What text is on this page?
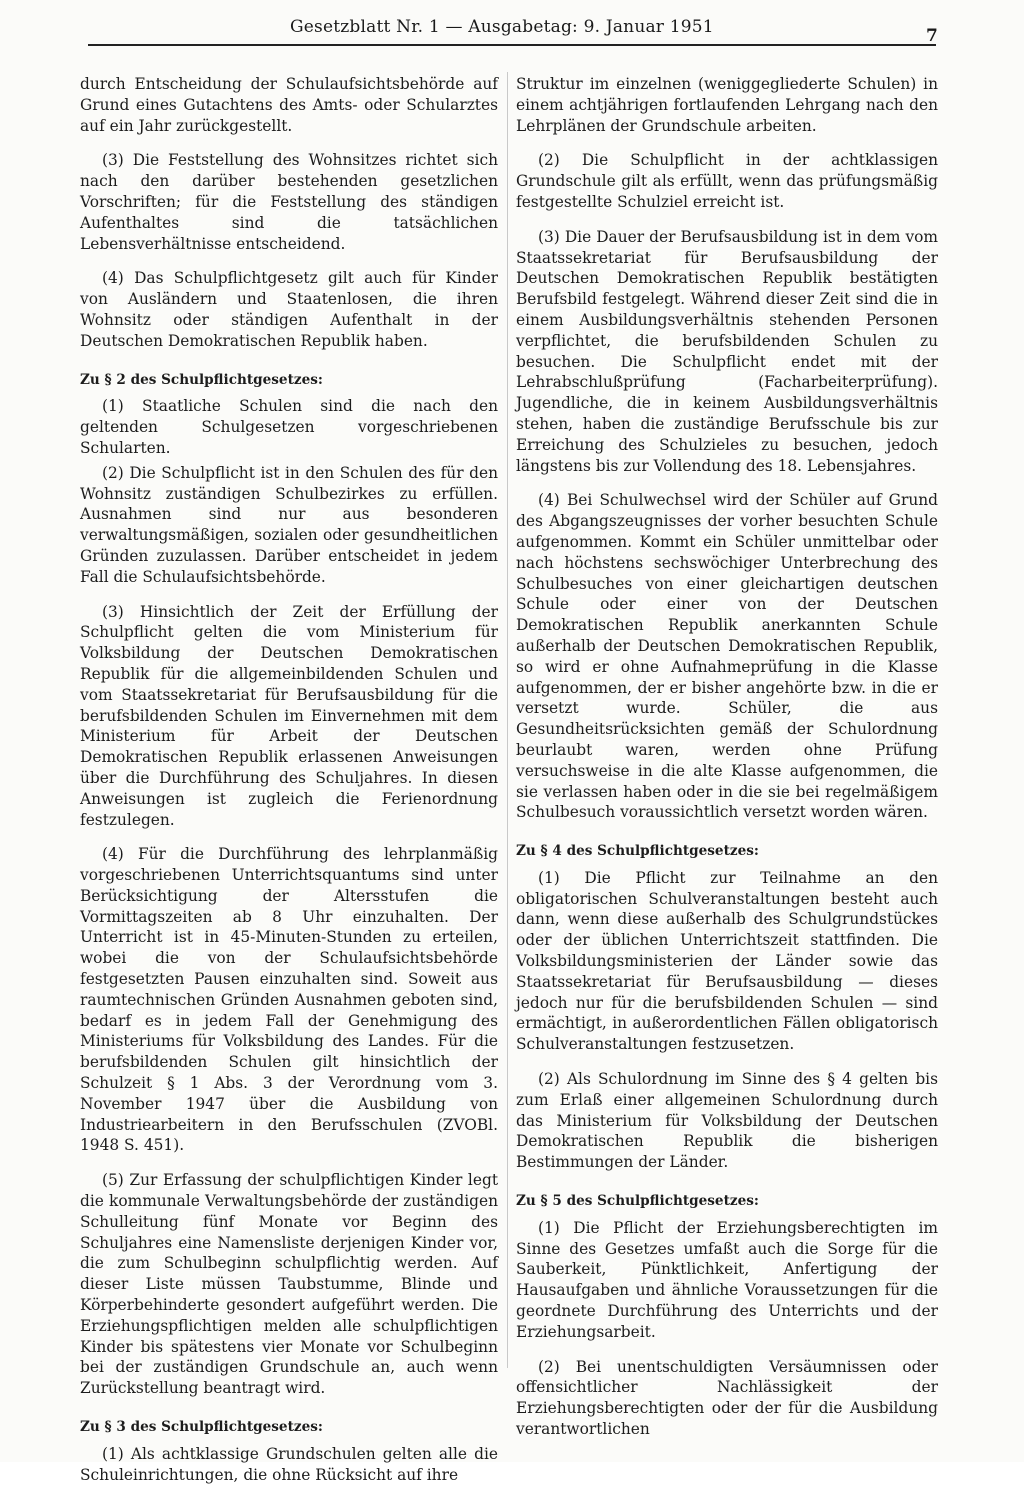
Gesetzblatt Nr. 1 — Ausgabetag: 9. Januar 1951	7

durch Entscheidung der Schulaufsichtsbehörde auf Grund eines Gutachtens des Amts- oder Schularztes auf ein Jahr zurückgestellt.

(3) Die Feststellung des Wohnsitzes richtet sich nach den darüber bestehenden gesetzlichen Vorschriften; für die Feststellung des ständigen Aufenthaltes sind die tatsächlichen Lebensverhältnisse entscheidend.

(4) Das Schulpflichtgesetz gilt auch für Kinder von Ausländern und Staatenlosen, die ihren Wohnsitz oder ständigen Aufenthalt in der Deutschen Demokratischen Republik haben.

Zu § 2 des Schulpflichtgesetzes:

(1) Staatliche Schulen sind die nach den geltenden Schulgesetzen vorgeschriebenen Schularten.

(2) Die Schulpflicht ist in den Schulen des für den Wohnsitz zuständigen Schulbezirkes zu erfüllen. Ausnahmen sind nur aus besonderen verwaltungsmäßigen, sozialen oder gesundheitlichen Gründen zuzulassen. Darüber entscheidet in jedem Fall die Schulaufsichtsbehörde.

(3) Hinsichtlich der Zeit der Erfüllung der Schulpflicht gelten die vom Ministerium für Volksbildung der Deutschen Demokratischen Republik für die allgemeinbildenden Schulen und vom Staatssekretariat für Berufsausbildung für die berufsbildenden Schulen im Einvernehmen mit dem Ministerium für Arbeit der Deutschen Demokratischen Republik erlassenen Anweisungen über die Durchführung des Schuljahres. In diesen Anweisungen ist zugleich die Ferienordnung festzulegen.

(4) Für die Durchführung des lehrplanmäßig vorgeschriebenen Unterrichtsquantums sind unter Berücksichtigung der Altersstufen die Vormittagszeiten ab 8 Uhr einzuhalten. Der Unterricht ist in 45-Minuten-Stunden zu erteilen, wobei die von der Schulaufsichtsbehörde festgesetzten Pausen einzuhalten sind. Soweit aus raumtechnischen Gründen Ausnahmen geboten sind, bedarf es in jedem Fall der Genehmigung des Ministeriums für Volksbildung des Landes. Für die berufsbildenden Schulen gilt hinsichtlich der Schulzeit § 1 Abs. 3 der Verordnung vom 3. November 1947 über die Ausbildung von Industriearbeitern in den Berufsschulen (ZVOBl. 1948 S. 451).

(5) Zur Erfassung der schulpflichtigen Kinder legt die kommunale Verwaltungsbehörde der zuständigen Schulleitung fünf Monate vor Beginn des Schuljahres eine Namensliste derjenigen Kinder vor, die zum Schulbeginn schulpflichtig werden. Auf dieser Liste müssen Taubstumme, Blinde und Körperbehinderte gesondert aufgeführt werden. Die Erziehungspflichtigen melden alle schulpflichtigen Kinder bis spätestens vier Monate vor Schulbeginn bei der zuständigen Grundschule an, auch wenn Zurückstellung beantragt wird.

Zu § 3 des Schulpflichtgesetzes:

(1) Als achtklassige Grundschulen gelten alle die Schuleinrichtungen, die ohne Rücksicht auf ihre

Struktur im einzelnen (weniggegliederte Schulen) in einem achtjährigen fortlaufenden Lehrgang nach den Lehrplänen der Grundschule arbeiten.

(2) Die Schulpflicht in der achtklassigen Grundschule gilt als erfüllt, wenn das prüfungsmäßig festgestellte Schulziel erreicht ist.

(3) Die Dauer der Berufsausbildung ist in dem vom Staatssekretariat für Berufsausbildung der Deutschen Demokratischen Republik bestätigten Berufsbild festgelegt. Während dieser Zeit sind die in einem Ausbildungsverhältnis stehenden Personen verpflichtet, die berufsbildenden Schulen zu besuchen. Die Schulpflicht endet mit der Lehrabschlußprüfung (Facharbeiterprüfung). Jugendliche, die in keinem Ausbildungsverhältnis stehen, haben die zuständige Berufsschule bis zur Erreichung des Schulzieles zu besuchen, jedoch längstens bis zur Vollendung des 18. Lebensjahres.

(4) Bei Schulwechsel wird der Schüler auf Grund des Abgangszeugnisses der vorher besuchten Schule aufgenommen. Kommt ein Schüler unmittelbar oder nach höchstens sechswöchiger Unterbrechung des Schulbesuches von einer gleichartigen deutschen Schule oder einer von der Deutschen Demokratischen Republik anerkannten Schule außerhalb der Deutschen Demokratischen Republik, so wird er ohne Aufnahmeprüfung in die Klasse aufgenommen, der er bisher angehörte bzw. in die er versetzt wurde. Schüler, die aus Gesundheitsrücksichten gemäß der Schulordnung beurlaubt waren, werden ohne Prüfung versuchsweise in die alte Klasse aufgenommen, die sie verlassen haben oder in die sie bei regelmäßigem Schulbesuch voraussichtlich versetzt worden wären.

Zu § 4 des Schulpflichtgesetzes:

(1) Die Pflicht zur Teilnahme an den obligatorischen Schulveranstaltungen besteht auch dann, wenn diese außerhalb des Schulgrundstückes oder der üblichen Unterrichtszeit stattfinden. Die Volksbildungsministerien der Länder sowie das Staatssekretariat für Berufsausbildung — dieses jedoch nur für die berufsbildenden Schulen — sind ermächtigt, in außerordentlichen Fällen obligatorisch Schulveranstaltungen festzusetzen.

(2) Als Schulordnung im Sinne des § 4 gelten bis zum Erlaß einer allgemeinen Schulordnung durch das Ministerium für Volksbildung der Deutschen Demokratischen Republik die bisherigen Bestimmungen der Länder.

Zu § 5 des Schulpflichtgesetzes:

(1) Die Pflicht der Erziehungsberechtigten im Sinne des Gesetzes umfaßt auch die Sorge für die Sauberkeit, Pünktlichkeit, Anfertigung der Hausaufgaben und ähnliche Voraussetzungen für die geordnete Durchführung des Unterrichts und der Erziehungsarbeit.

(2) Bei unentschuldigten Versäumnissen oder offensichtlicher Nachlässigkeit der Erziehungsberechtigten oder der für die Ausbildung verantwortlichen
